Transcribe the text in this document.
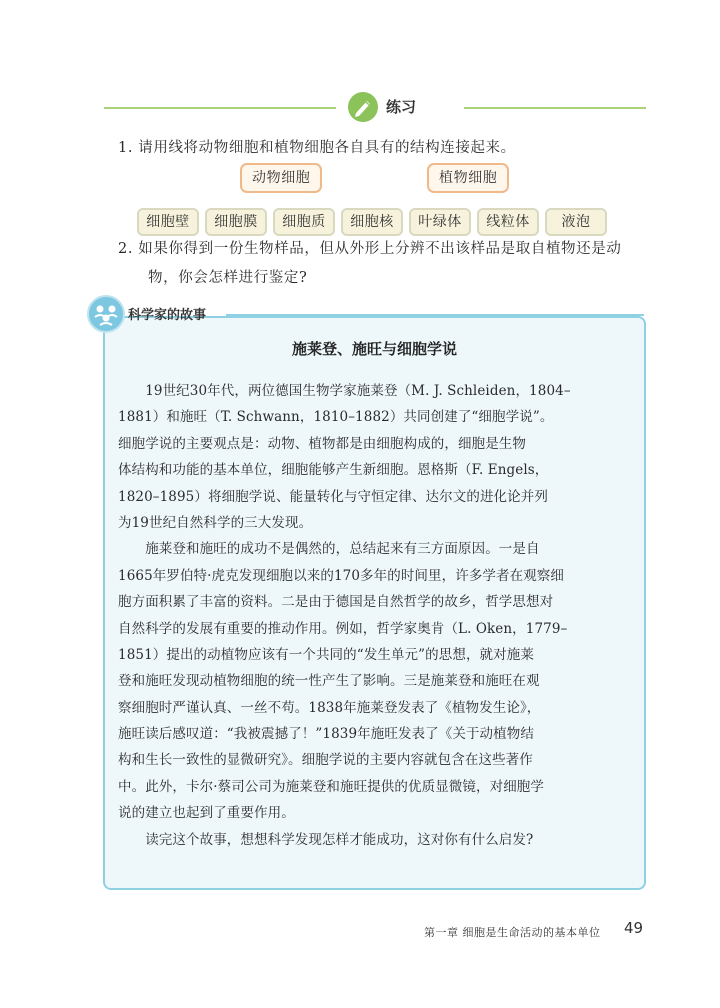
练习
1. 请用线将动物细胞和植物细胞各自具有的结构连接起来。
动物细胞	植物细胞
细胞壁	细胞膜	细胞质	细胞核	叶绿体	线粒体	液泡
2. 如果你得到一份生物样品，但从外形上分辨不出该样品是取自植物还是动
物，你会怎样进行鉴定?
科学家的故事
施莱登、施旺与细胞学说
　　19世纪30年代，两位德国生物学家施莱登（M. J. Schleiden，1804–
1881）和施旺（T. Schwann，1810–1882）共同创建了“细胞学说”。
细胞学说的主要观点是：动物、植物都是由细胞构成的，细胞是生物
体结构和功能的基本单位，细胞能够产生新细胞。恩格斯（F. Engels，
1820–1895）将细胞学说、能量转化与守恒定律、达尔文的进化论并列
为19世纪自然科学的三大发现。
　　施莱登和施旺的成功不是偶然的，总结起来有三方面原因。一是自
1665年罗伯特·虎克发现细胞以来的170多年的时间里，许多学者在观察细
胞方面积累了丰富的资料。二是由于德国是自然哲学的故乡，哲学思想对
自然科学的发展有重要的推动作用。例如，哲学家奥肯（L. Oken，1779–
1851）提出的动植物应该有一个共同的“发生单元”的思想，就对施莱
登和施旺发现动植物细胞的统一性产生了影响。三是施莱登和施旺在观
察细胞时严谨认真、一丝不苟。1838年施莱登发表了《植物发生论》，
施旺读后感叹道：“我被震撼了！”1839年施旺发表了《关于动植物结
构和生长一致性的显微研究》。细胞学说的主要内容就包含在这些著作
中。此外，卡尔·蔡司公司为施莱登和施旺提供的优质显微镜，对细胞学
说的建立也起到了重要作用。
　　读完这个故事，想想科学发现怎样才能成功，这对你有什么启发?
第一章 细胞是生命活动的基本单位 49
